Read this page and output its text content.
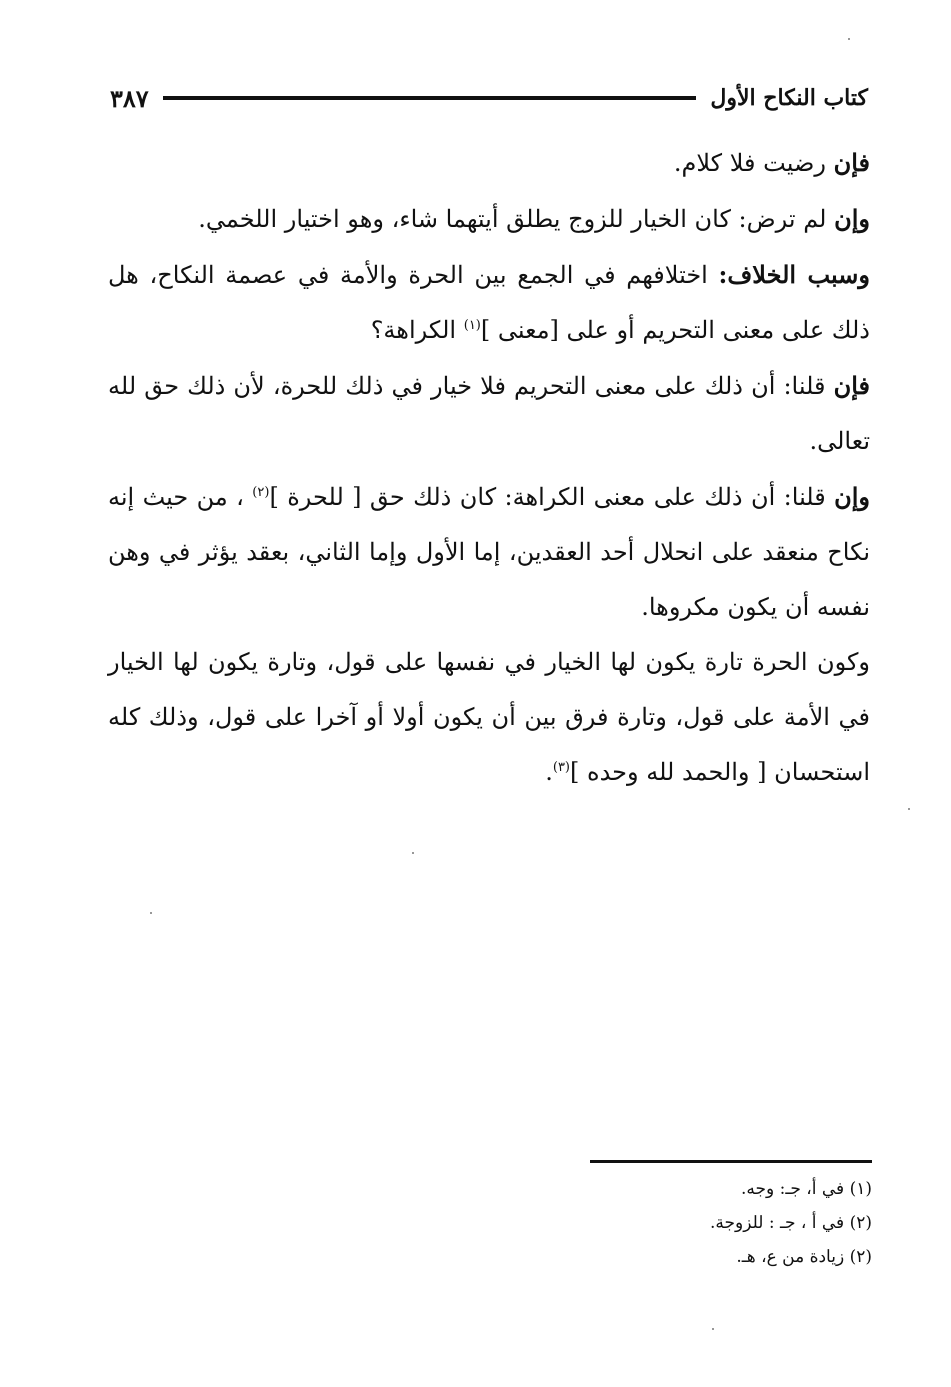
كتاب النكاح الأول
٣٨٧

فإن رضيت فلا كلام.

وإن لم ترض: كان الخيار للزوج يطلق أيتهما شاء، وهو اختيار اللخمي.

وسبب الخلاف: اختلافهم في الجمع بين الحرة والأمة في عصمة النكاح، هل ذلك على معنى التحريم أو على [معنى ]$^{(١)}$ الكراهة؟

فإن قلنا: أن ذلك على معنى التحريم فلا خيار في ذلك للحرة، لأن ذلك حق لله تعالى.

وإن قلنا: أن ذلك على معنى الكراهة: كان ذلك حق [ للحرة ]$^{(٢)}$ ، من حيث إنه نكاح منعقد على انحلال أحد العقدين، إما الأول وإما الثاني، بعقد يؤثر في وهن نفسه أن يكون مكروها.

وكون الحرة تارة يكون لها الخيار في نفسها على قول، وتارة يكون لها الخيار في الأمة على قول، وتارة فرق بين أن يكون أولا أو آخرا على قول، وذلك كله استحسان [ والحمد لله وحده ]$^{(٣)}$.

(١) في أ، جـ: وجه.
(٢) في أ ، جـ : للزوجة.
(٢) زيادة من ع، هـ.
